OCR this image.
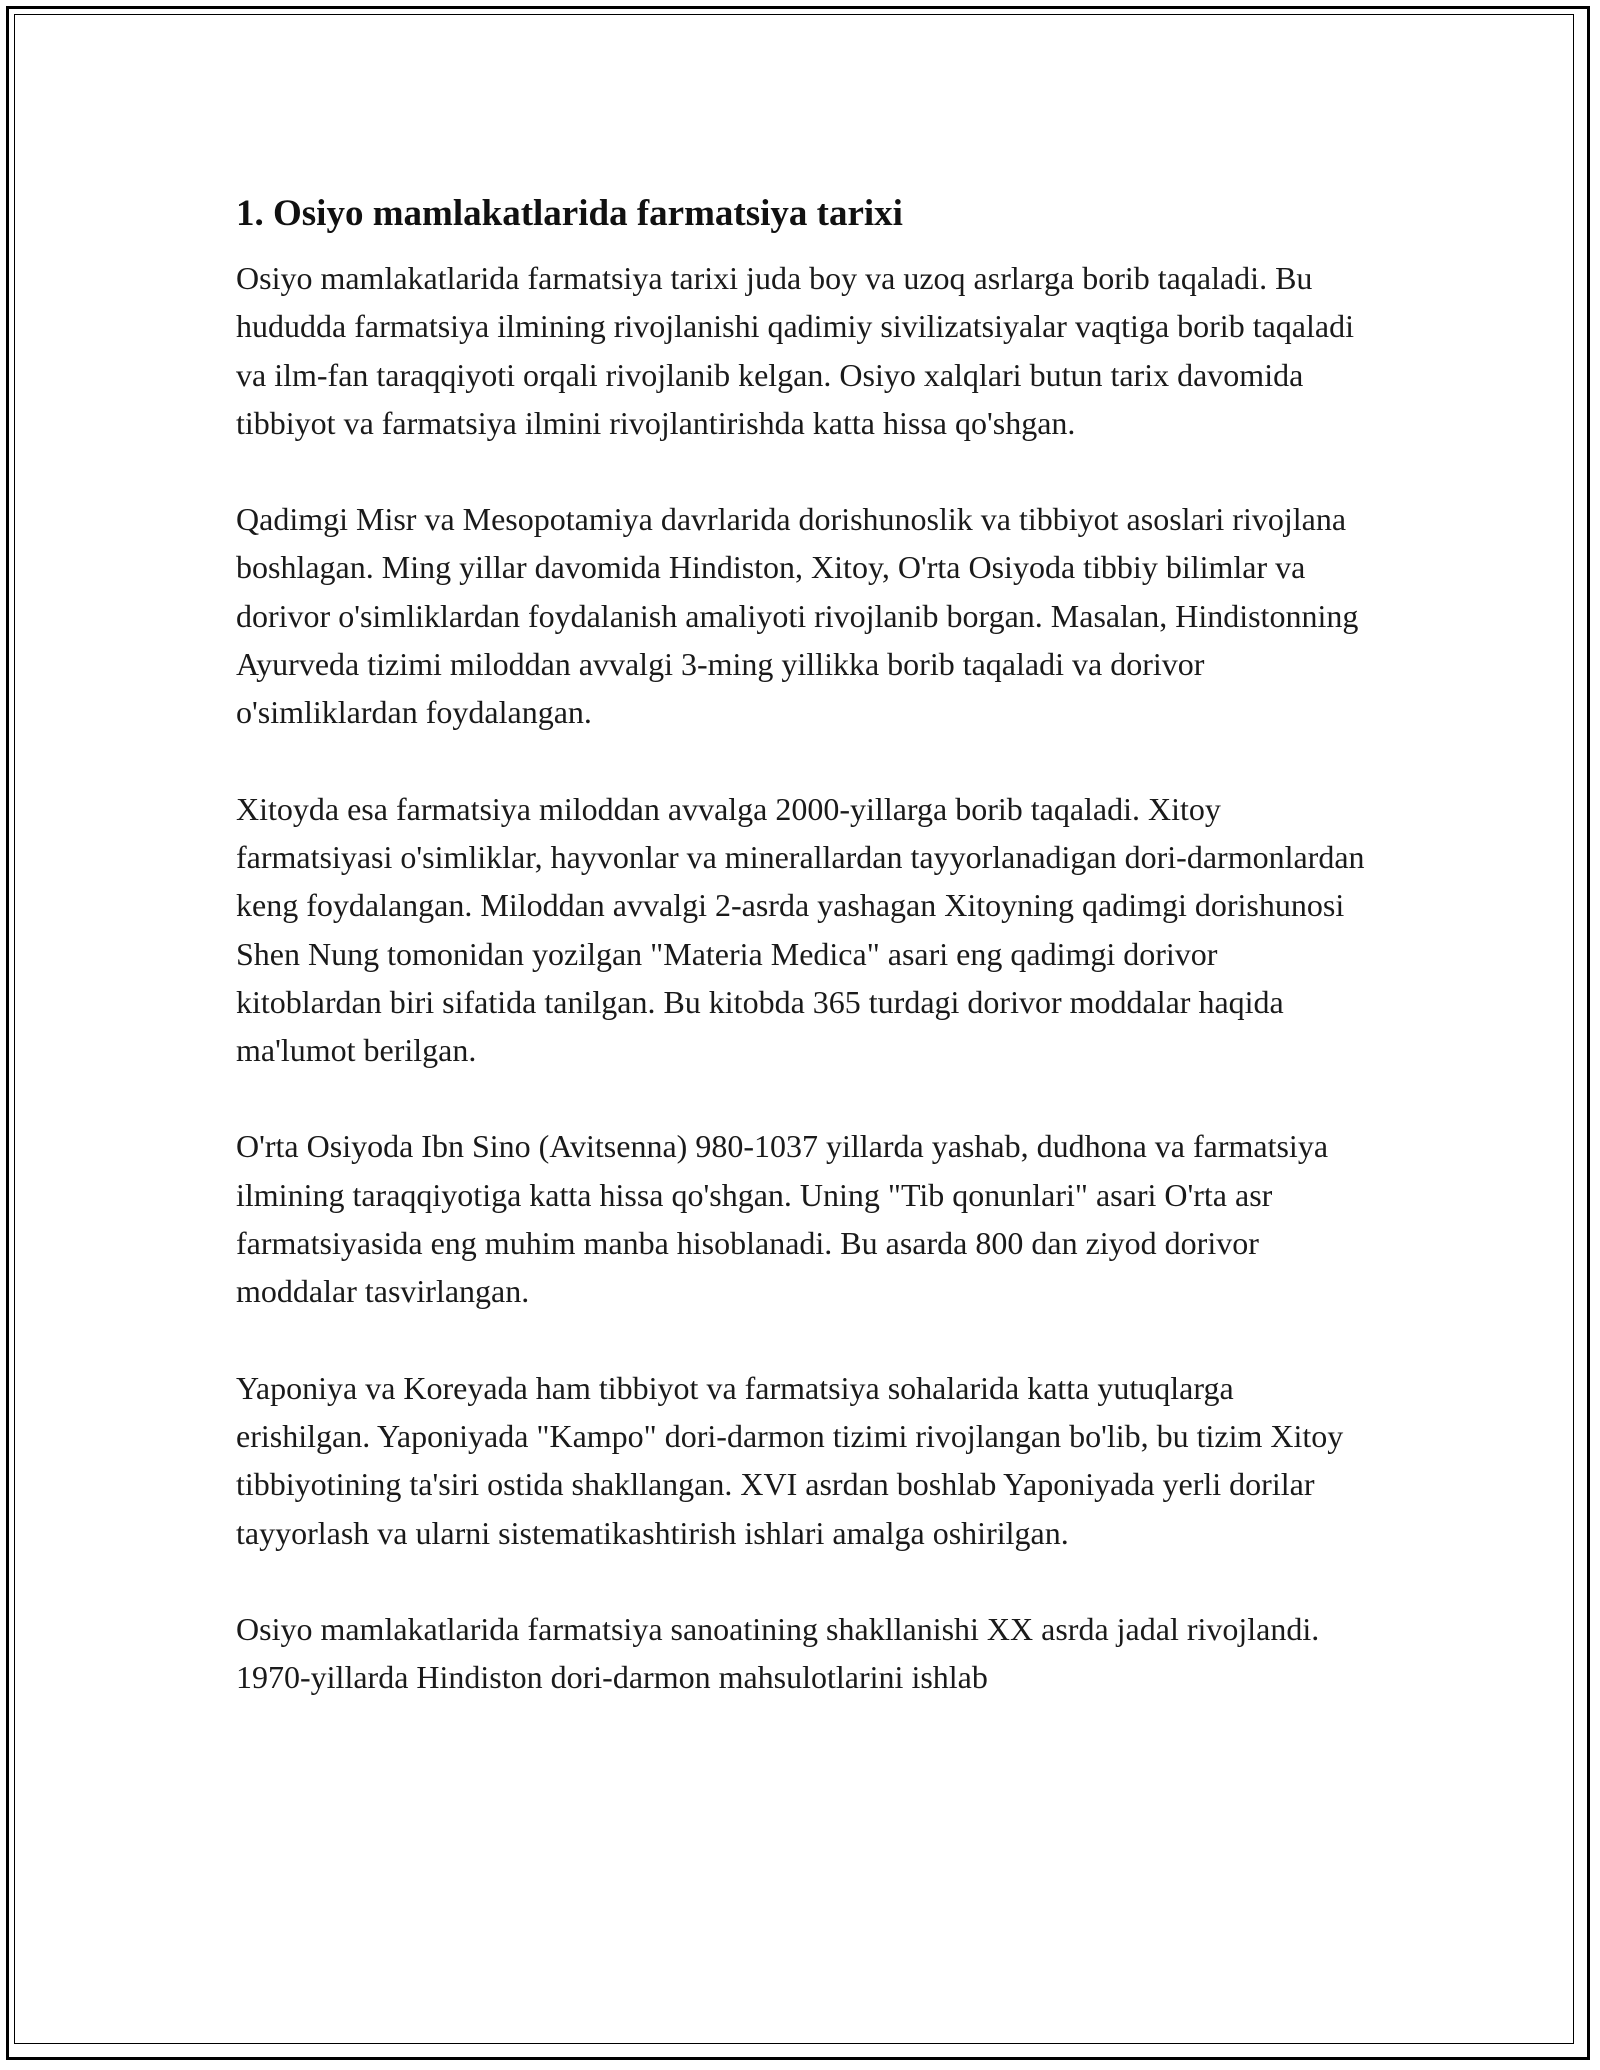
1. Osiyo mamlakatlarida farmatsiya tarixi

Osiyo mamlakatlarida farmatsiya tarixi juda boy va uzoq asrlarga borib taqaladi. Bu hududda farmatsiya ilmining rivojlanishi qadimiy sivilizatsiyalar vaqtiga borib taqaladi va ilm-fan taraqqiyoti orqali rivojlanib kelgan. Osiyo xalqlari butun tarix davomida tibbiyot va farmatsiya ilmini rivojlantirishda katta hissa qo'shgan.

Qadimgi Misr va Mesopotamiya davrlarida dorishunoslik va tibbiyot asoslari rivojlana boshlagan. Ming yillar davomida Hindiston, Xitoy, O'rta Osiyoda tibbiy bilimlar va dorivor o'simliklardan foydalanish amaliyoti rivojlanib borgan. Masalan, Hindistonning Ayurveda tizimi miloddan avvalgi 3-ming yillikka borib taqaladi va dorivor o'simliklardan foydalangan.

Xitoyda esa farmatsiya miloddan avvalga 2000-yillarga borib taqaladi. Xitoy farmatsiyasi o'simliklar, hayvonlar va minerallardan tayyorlanadigan dori-darmonlardan keng foydalangan. Miloddan avvalgi 2-asrda yashagan Xitoyning qadimgi dorishunosi Shen Nung tomonidan yozilgan "Materia Medica" asari eng qadimgi dorivor kitoblardan biri sifatida tanilgan. Bu kitobda 365 turdagi dorivor moddalar haqida ma'lumot berilgan.

O'rta Osiyoda Ibn Sino (Avitsenna) 980-1037 yillarda yashab, dudhona va farmatsiya ilmining taraqqiyotiga katta hissa qo'shgan. Uning "Tib qonunlari" asari O'rta asr farmatsiyasida eng muhim manba hisoblanadi. Bu asarda 800 dan ziyod dorivor moddalar tasvirlangan.

Yaponiya va Koreyada ham tibbiyot va farmatsiya sohalarida katta yutuqlarga erishilgan. Yaponiyada "Kampo" dori-darmon tizimi rivojlangan bo'lib, bu tizim Xitoy tibbiyotining ta'siri ostida shakllangan. XVI asrdan boshlab Yaponiyada yerli dorilar tayyorlash va ularni sistematikashtirish ishlari amalga oshirilgan.

Osiyo mamlakatlarida farmatsiya sanoatining shakllanishi XX asrda jadal rivojlandi. 1970-yillarda Hindiston dori-darmon mahsulotlarini ishlab
